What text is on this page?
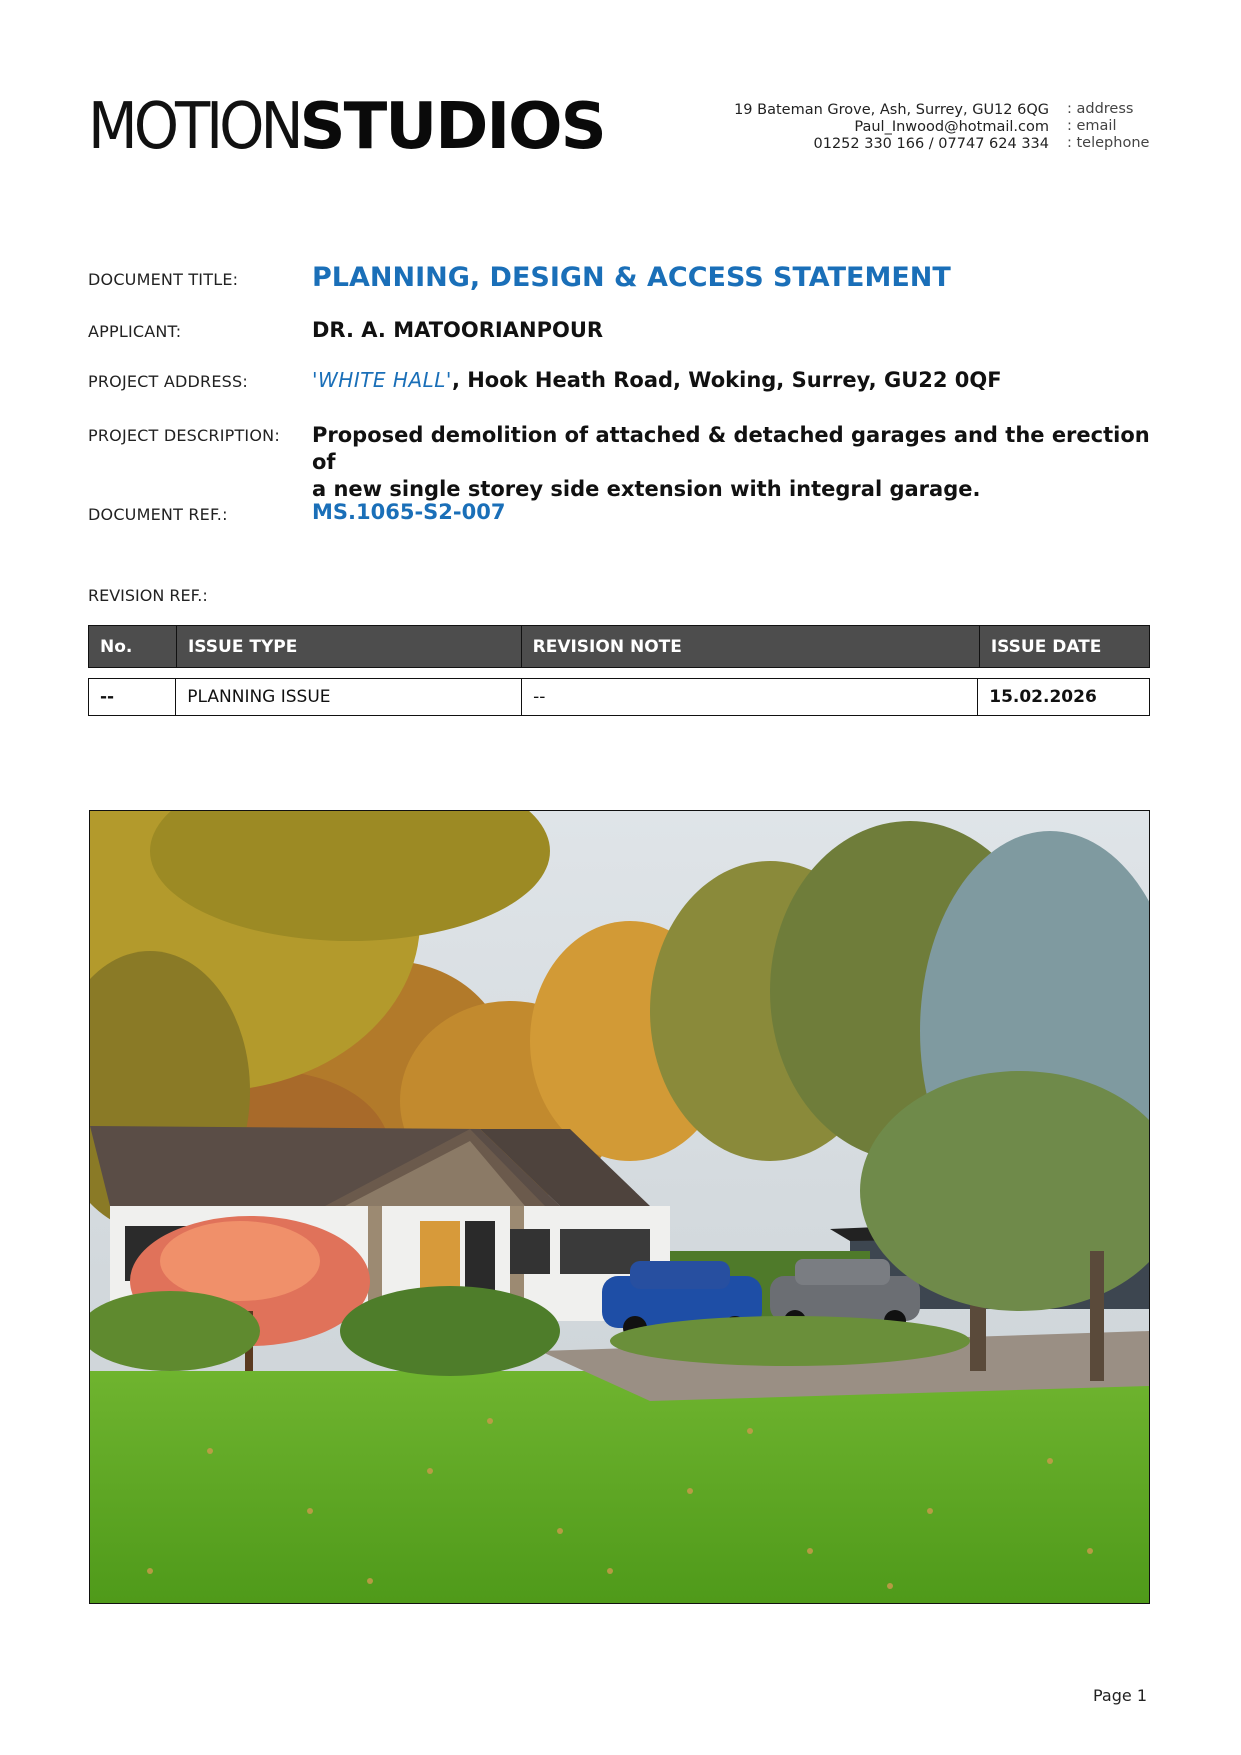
MOTIONSTUDIOS	19 Bateman Grove, Ash, Surrey, GU12 6QG
Paul_Inwood@hotmail.com
01252 330 166 / 07747 624 334
: address
: email
: telephone
DOCUMENT TITLE:	PLANNING, DESIGN & ACCESS STATEMENT
APPLICANT:	DR. A. MATOORIANPOUR
PROJECT ADDRESS:	'WHITE HALL', Hook Heath Road, Woking, Surrey, GU22 0QF
PROJECT DESCRIPTION: Proposed demolition of attached & detached garages and the erection of
a new single storey side extension with integral garage.
DOCUMENT REF.:	MS.1065-S2-007
REVISION REF.:
No.	ISSUE TYPE	REVISION NOTE	ISSUE DATE
--	PLANNING ISSUE	--	15.02.2026
Page 1
